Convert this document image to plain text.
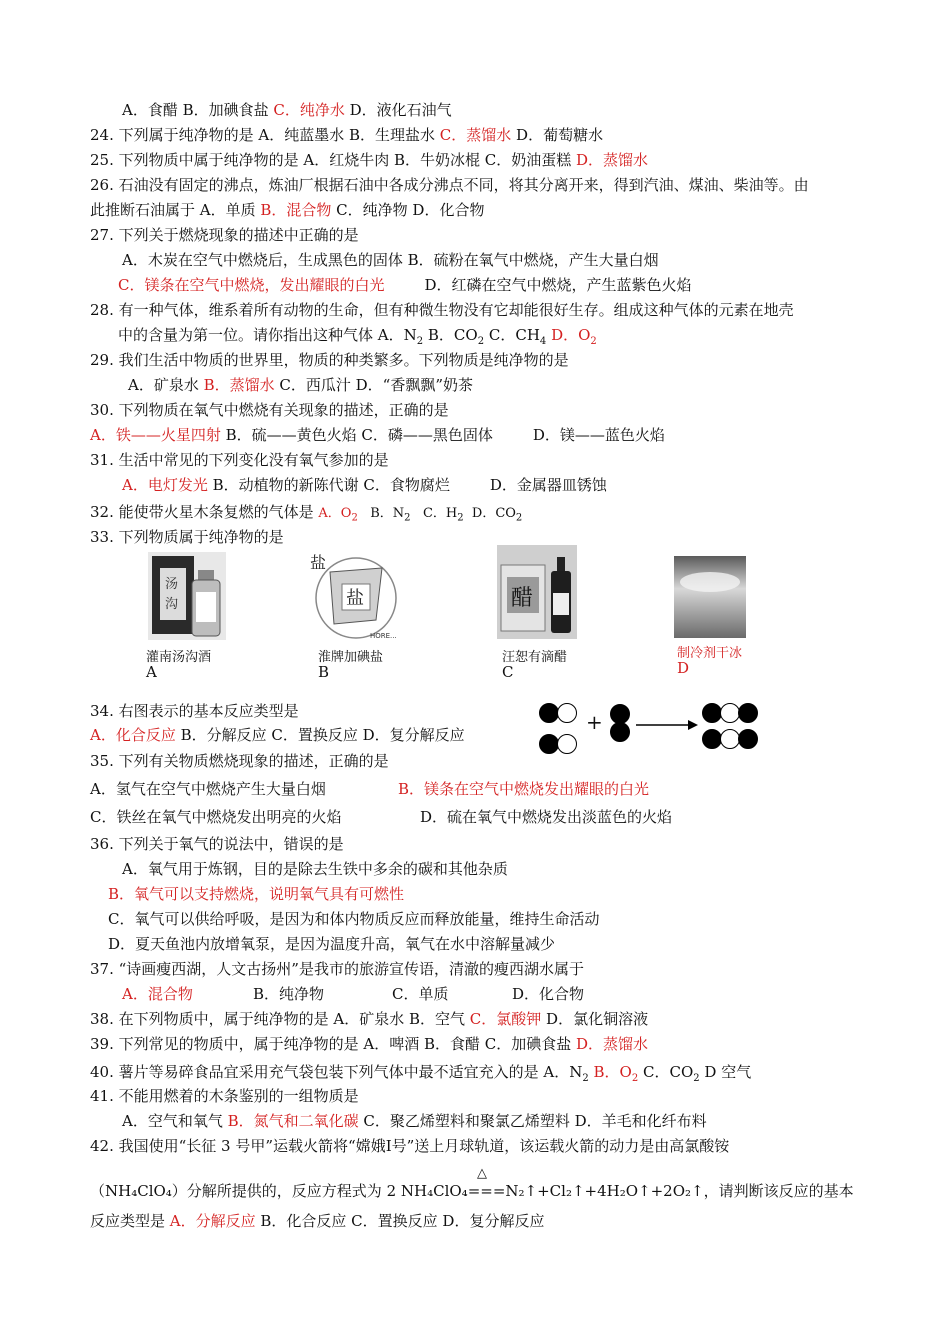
A．食醋 B．加碘食盐 C．纯净水 D．液化石油气
24. 下列属于纯净物的是 A．纯蓝墨水 B．生理盐水 C．蒸馏水 D．葡萄糖水
25. 下列物质中属于纯净物的是 A．红烧牛肉 B．牛奶冰棍 C．奶油蛋糕 D．蒸馏水
26. 石油没有固定的沸点，炼油厂根据石油中各成分沸点不同，将其分离开来，得到汽油、煤油、柴油等。由
此推断石油属于 A．单质 B．混合物 C．纯净物 D．化合物
27. 下列关于燃烧现象的描述中正确的是
A．木炭在空气中燃烧后，生成黑色的固体 B．硫粉在氧气中燃烧，产生大量白烟
C．镁条在空气中燃烧，发出耀眼的白光	D．红磷在空气中燃烧，产生蓝紫色火焰
28. 有一种气体，维系着所有动物的生命，但有种微生物没有它却能很好生存。组成这种气体的元素在地壳
中的含量为第一位。请你指出这种气体 A．$N_2$ B．$CO_2$ C．$CH_4$ D．$O_2$
29. 我们生活中物质的世界里，物质的种类繁多。下列物质是纯净物的是
A．矿泉水 B．蒸馏水 C．西瓜汁 D．“香飘飘”奶茶
30. 下列物质在氧气中燃烧有关现象的描述，正确的是
A．铁——火星四射 B．硫——黄色火焰 C．磷——黑色固体	D．镁——蓝色火焰
31. 生活中常见的下列变化没有氧气参加的是
A．电灯发光 B．动植物的新陈代谢 C．食物腐烂	D．金属器皿锈蚀
32. 能使带火星木条复燃的气体是 A．$O_2$ B．$N_2$ C．$H_2$ D．$CO_2$
33. 下列物质属于纯净物的是
汤
沟	盐
盐
HORE...
醋
灌南汤沟酒
A
淮牌加碘盐
B
汪恕有滴醋
C
制冷剂干冰
D
34. 右图表示的基本反应类型是
A．化合反应 B．分解反应 C．置换反应 D．复分解反应
+
35. 下列有关物质燃烧现象的描述，正确的是
A．氢气在空气中燃烧产生大量白烟	B．镁条在空气中燃烧发出耀眼的白光
C．铁丝在氧气中燃烧发出明亮的火焰	D．硫在氧气中燃烧发出淡蓝色的火焰
36. 下列关于氧气的说法中，错误的是
A．氧气用于炼钢，目的是除去生铁中多余的碳和其他杂质
B．氧气可以支持燃烧，说明氧气具有可燃性
C．氧气可以供给呼吸，是因为和体内物质反应而释放能量，维持生命活动
D．夏天鱼池内放增氧泵，是因为温度升高，氧气在水中溶解量减少
37. “诗画瘦西湖，人文古扬州”是我市的旅游宣传语，清澈的瘦西湖水属于
A．混合物	B．纯净物	C．单质	D．化合物
38. 在下列物质中，属于纯净物的是 A．矿泉水 B．空气 C．氯酸钾 D．氯化铜溶液
39. 下列常见的物质中，属于纯净物的是 A．啤酒 B．食醋 C．加碘食盐 D．蒸馏水
40. 薯片等易碎食品宜采用充气袋包装下列气体中最不适宜充入的是 A．$N_2$ B．$O_2$ C．$CO_2$ D 空气
41. 不能用燃着的木条鉴别的一组物质是
A．空气和氧气 B．氮气和二氧化碳 C．聚乙烯塑料和聚氯乙烯塑料 D．羊毛和化纤布料
42. 我国使用“长征 3 号甲”运载火箭将“嫦娥Ⅰ号”送上月球轨道，该运载火箭的动力是由高氯酸铵
△
（NH₄ClO₄）分解所提供的，反应方程式为 2 NH₄ClO₄===N₂↑+Cl₂↑+4H₂O↑+2O₂↑，请判断该反应的基本
反应类型是 A．分解反应 B．化合反应 C．置换反应 D．复分解反应
